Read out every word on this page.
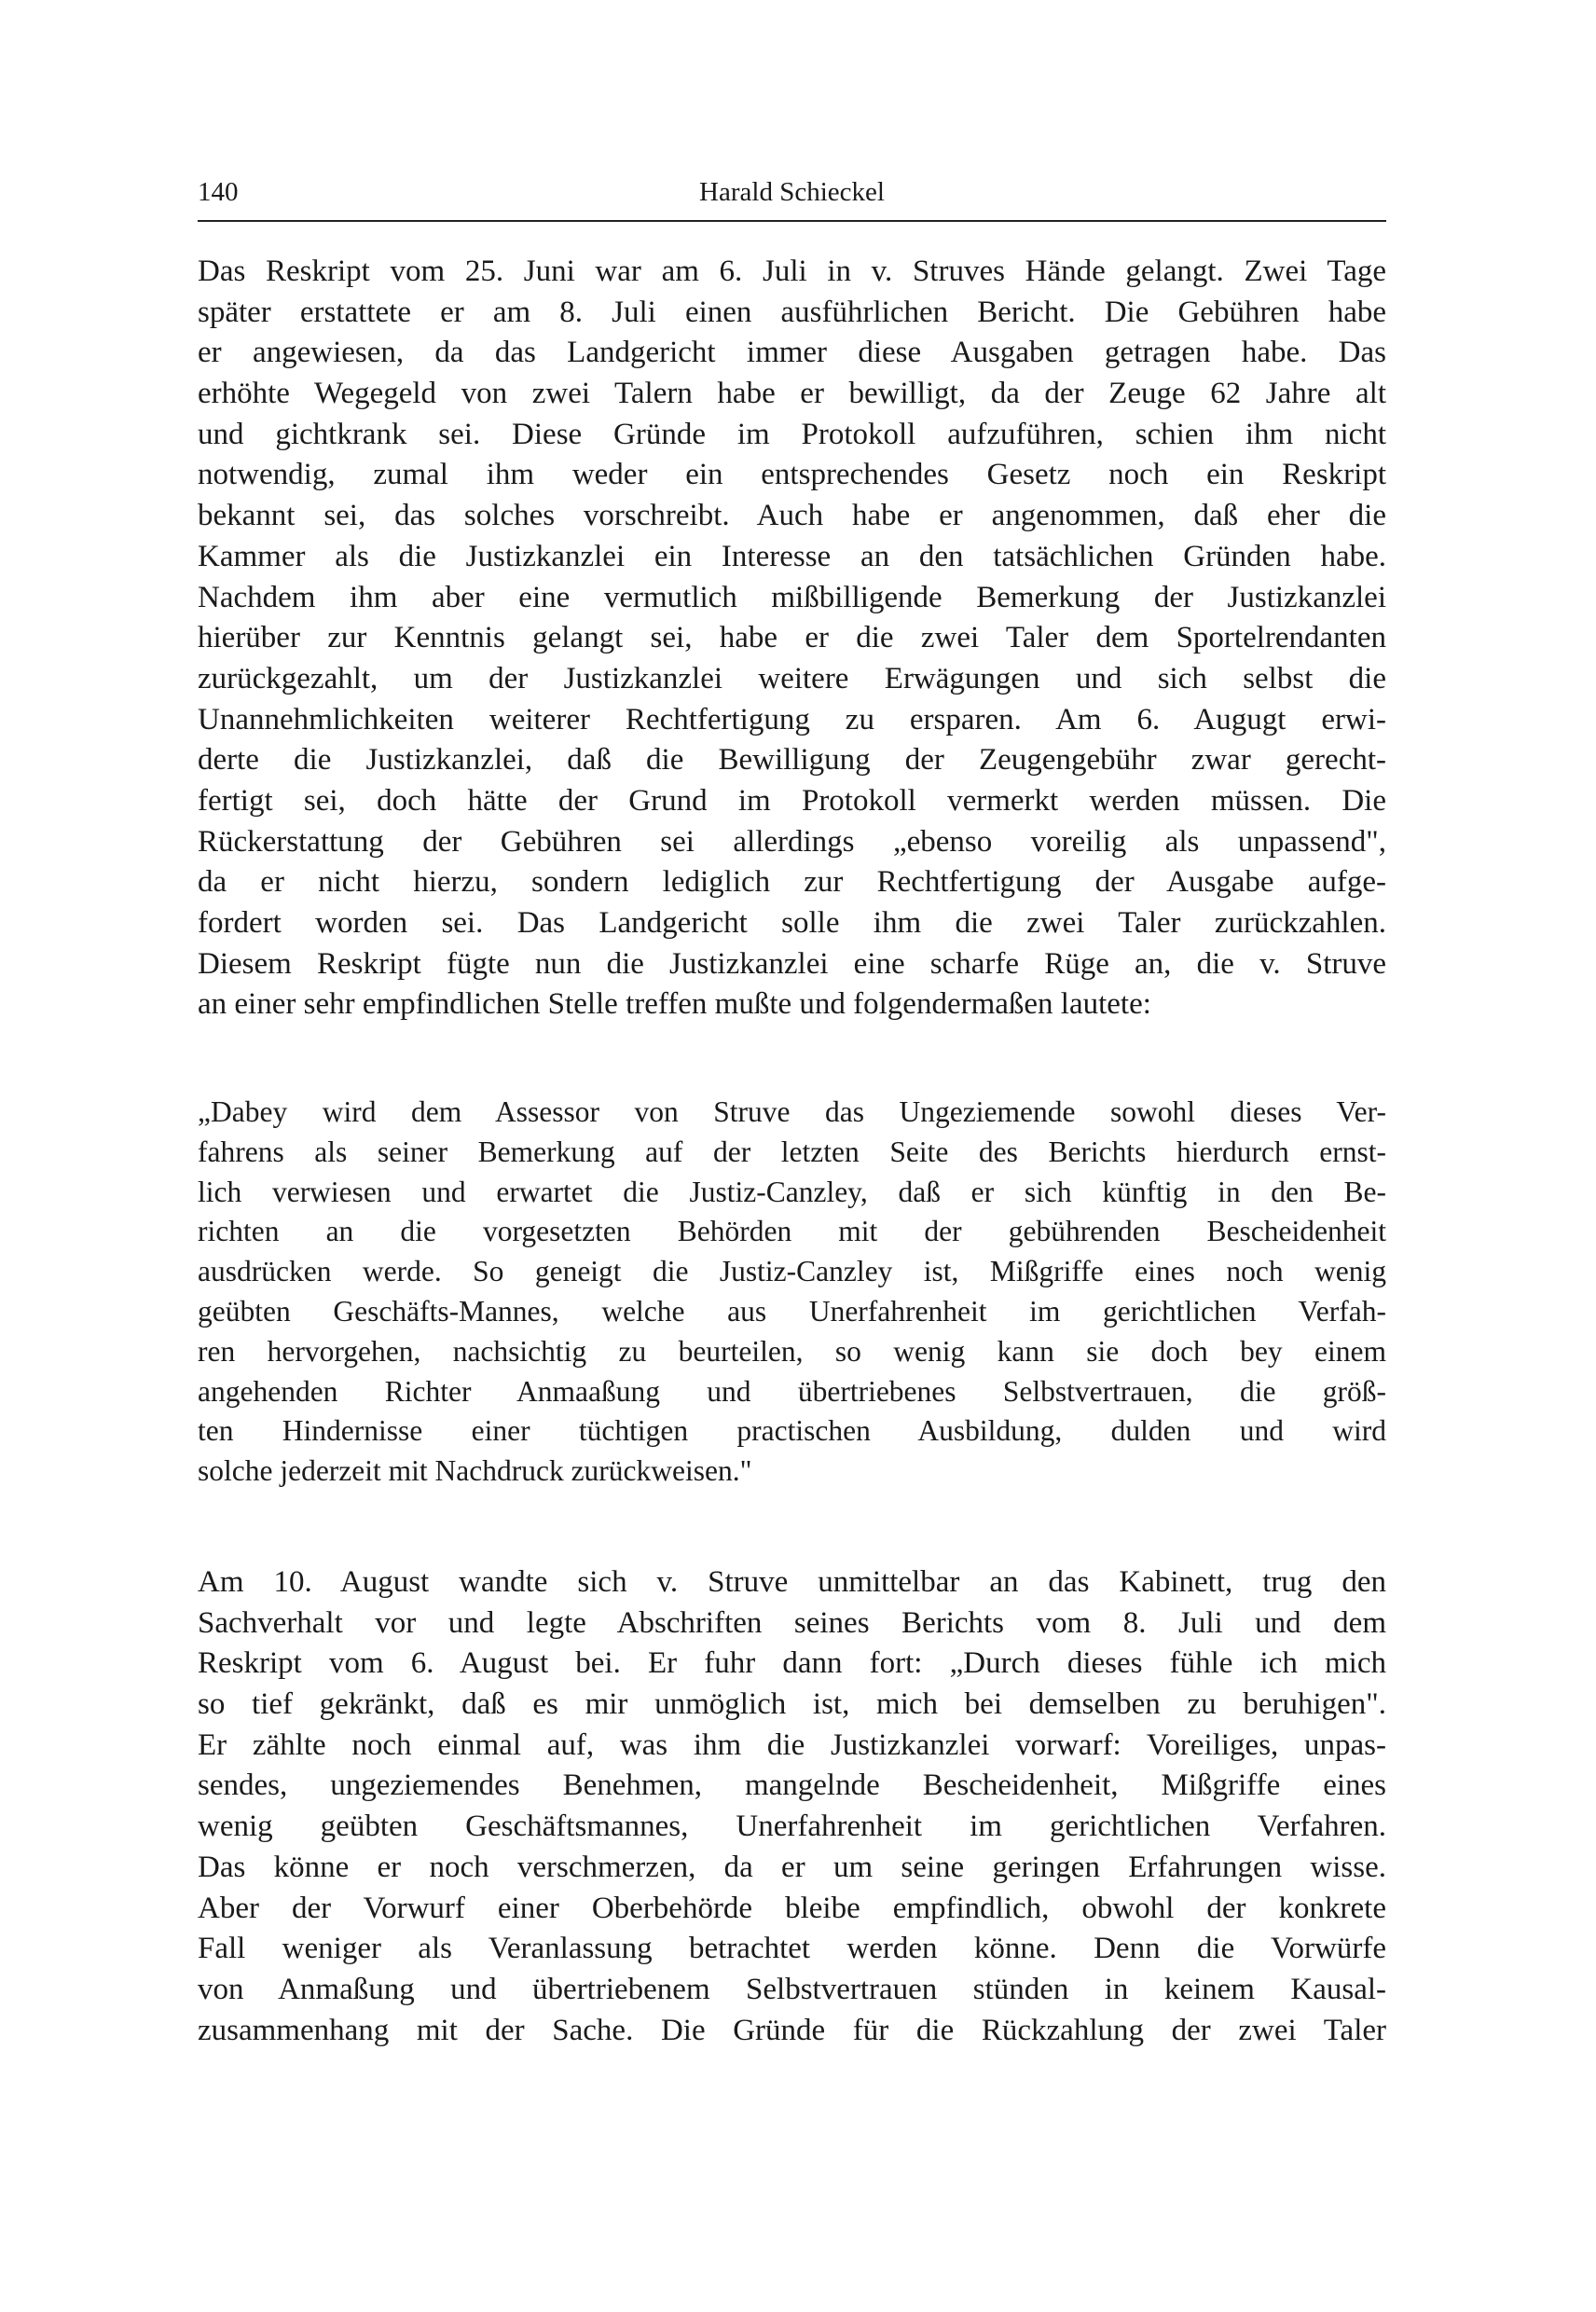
140	Harald Schieckel
Das Reskript vom 25. Juni war am 6. Juli in v. Struves Hände gelangt. Zwei Tage
später erstattete er am 8. Juli einen ausführlichen Bericht. Die Gebühren habe
er angewiesen, da das Landgericht immer diese Ausgaben getragen habe. Das
erhöhte Wegegeld von zwei Talern habe er bewilligt, da der Zeuge 62 Jahre alt
und gichtkrank sei. Diese Gründe im Protokoll aufzuführen, schien ihm nicht
notwendig, zumal ihm weder ein entsprechendes Gesetz noch ein Reskript
bekannt sei, das solches vorschreibt. Auch habe er angenommen, daß eher die
Kammer als die Justizkanzlei ein Interesse an den tatsächlichen Gründen habe.
Nachdem ihm aber eine vermutlich mißbilligende Bemerkung der Justizkanzlei
hierüber zur Kenntnis gelangt sei, habe er die zwei Taler dem Sportelrendanten
zurückgezahlt, um der Justizkanzlei weitere Erwägungen und sich selbst die
Unannehmlichkeiten weiterer Rechtfertigung zu ersparen. Am 6. Augugt erwi-
derte die Justizkanzlei, daß die Bewilligung der Zeugengebühr zwar gerecht-
fertigt sei, doch hätte der Grund im Protokoll vermerkt werden müssen. Die
Rückerstattung der Gebühren sei allerdings „ebenso voreilig als unpassend",
da er nicht hierzu, sondern lediglich zur Rechtfertigung der Ausgabe aufge-
fordert worden sei. Das Landgericht solle ihm die zwei Taler zurückzahlen.
Diesem Reskript fügte nun die Justizkanzlei eine scharfe Rüge an, die v. Struve
an einer sehr empfindlichen Stelle treffen mußte und folgendermaßen lautete:
„Dabey wird dem Assessor von Struve das Ungeziemende sowohl dieses Ver-
fahrens als seiner Bemerkung auf der letzten Seite des Berichts hierdurch ernst-
lich verwiesen und erwartet die Justiz-Canzley, daß er sich künftig in den Be-
richten an die vorgesetzten Behörden mit der gebührenden Bescheidenheit
ausdrücken werde. So geneigt die Justiz-Canzley ist, Mißgriffe eines noch wenig
geübten Geschäfts-Mannes, welche aus Unerfahrenheit im gerichtlichen Verfah-
ren hervorgehen, nachsichtig zu beurteilen, so wenig kann sie doch bey einem
angehenden Richter Anmaaßung und übertriebenes Selbstvertrauen, die größ-
ten Hindernisse einer tüchtigen practischen Ausbildung, dulden und wird
solche jederzeit mit Nachdruck zurückweisen."
Am 10. August wandte sich v. Struve unmittelbar an das Kabinett, trug den
Sachverhalt vor und legte Abschriften seines Berichts vom 8. Juli und dem
Reskript vom 6. August bei. Er fuhr dann fort: „Durch dieses fühle ich mich
so tief gekränkt, daß es mir unmöglich ist, mich bei demselben zu beruhigen".
Er zählte noch einmal auf, was ihm die Justizkanzlei vorwarf: Voreiliges, unpas-
sendes, ungeziemendes Benehmen, mangelnde Bescheidenheit, Mißgriffe eines
wenig geübten Geschäftsmannes, Unerfahrenheit im gerichtlichen Verfahren.
Das könne er noch verschmerzen, da er um seine geringen Erfahrungen wisse.
Aber der Vorwurf einer Oberbehörde bleibe empfindlich, obwohl der konkrete
Fall weniger als Veranlassung betrachtet werden könne. Denn die Vorwürfe
von Anmaßung und übertriebenem Selbstvertrauen stünden in keinem Kausal-
zusammenhang mit der Sache. Die Gründe für die Rückzahlung der zwei Taler
